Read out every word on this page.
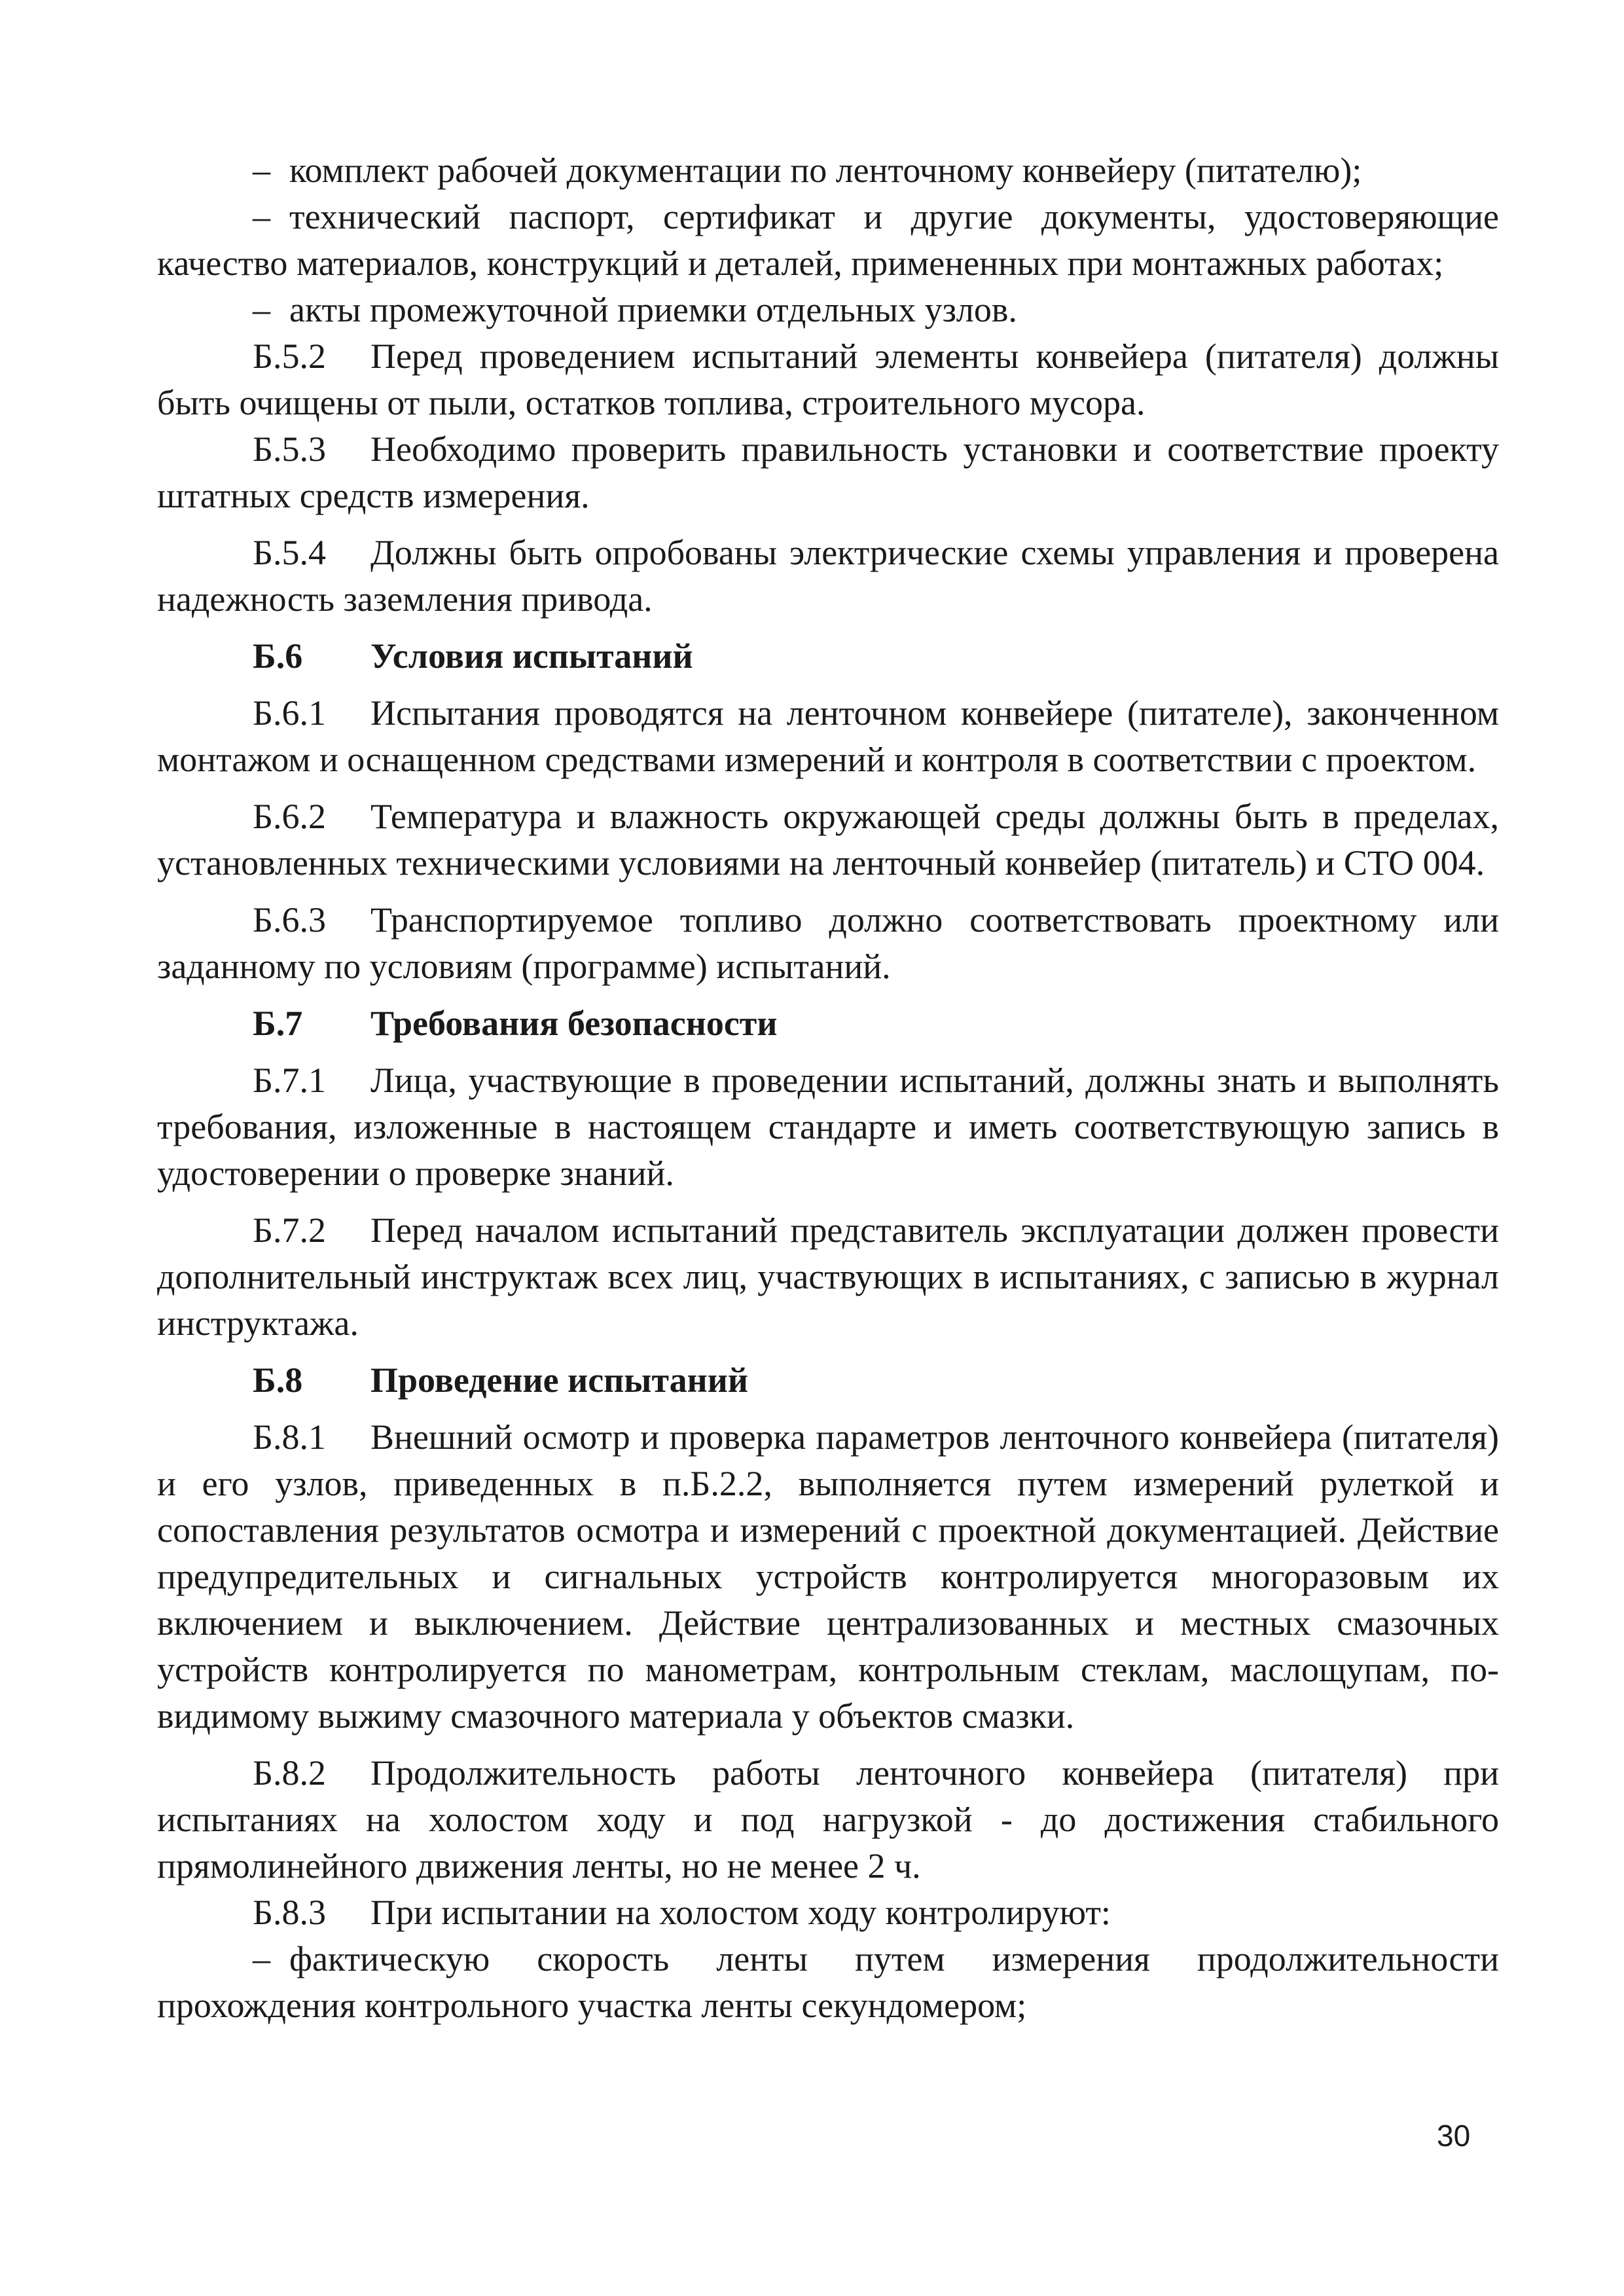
– комплект рабочей документации по ленточному конвейеру (питателю);

– технический паспорт, сертификат и другие документы, удостоверяющие качество материалов, конструкций и деталей, примененных при монтажных работах;

– акты промежуточной приемки отдельных узлов.

Б.5.2 Перед проведением испытаний элементы конвейера (питателя) должны быть очищены от пыли, остатков топлива, строительного мусора.

Б.5.3 Необходимо проверить правильность установки и соответствие проекту штатных средств измерения.

Б.5.4 Должны быть опробованы электрические схемы управления и проверена надежность заземления привода.

Б.6 Условия испытаний

Б.6.1 Испытания проводятся на ленточном конвейере (питателе), законченном монтажом и оснащенном средствами измерений и контроля в соответствии с проектом.

Б.6.2 Температура и влажность окружающей среды должны быть в пределах, установленных техническими условиями на ленточный конвейер (питатель) и СТО 004.

Б.6.3 Транспортируемое топливо должно соответствовать проектному или заданному по условиям (программе) испытаний.

Б.7 Требования безопасности

Б.7.1 Лица, участвующие в проведении испытаний, должны знать и выполнять требования, изложенные в настоящем стандарте и иметь соответствующую запись в удостоверении о проверке знаний.

Б.7.2 Перед началом испытаний представитель эксплуатации должен провести дополнительный инструктаж всех лиц, участвующих в испытаниях, с записью в журнал инструктажа.

Б.8 Проведение испытаний

Б.8.1 Внешний осмотр и проверка параметров ленточного конвейера (питателя) и его узлов, приведенных в п.Б.2.2, выполняется путем измерений рулеткой и сопоставления результатов осмотра и измерений с проектной документацией. Действие предупредительных и сигнальных устройств контролируется многоразовым их включением и выключением. Действие централизованных и местных смазочных устройств контролируется по манометрам, контрольным стеклам, маслощупам, по-видимому выжиму смазочного материала у объектов смазки.

Б.8.2 Продолжительность работы ленточного конвейера (питателя) при испытаниях на холостом ходу и под нагрузкой - до достижения стабильного прямолинейного движения ленты, но не менее 2 ч.

Б.8.3 При испытании на холостом ходу контролируют:

– фактическую скорость ленты путем измерения продолжительности прохождения контрольного участка ленты секундомером;

30
